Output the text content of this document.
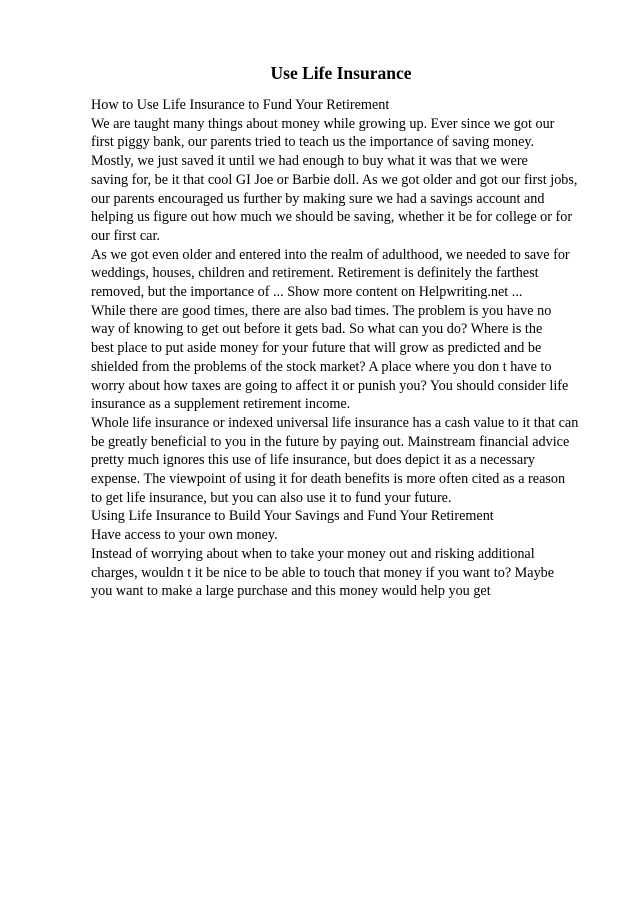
Use Life Insurance

How to Use Life Insurance to Fund Your Retirement

We are taught many things about money while growing up. Ever since we got our

first piggy bank, our parents tried to teach us the importance of saving money.

Mostly, we just saved it until we had enough to buy what it was that we were

saving for, be it that cool GI Joe or Barbie doll. As we got older and got our first jobs,

our parents encouraged us further by making sure we had a savings account and

helping us figure out how much we should be saving, whether it be for college or for

our first car.

As we got even older and entered into the realm of adulthood, we needed to save for

weddings, houses, children and retirement. Retirement is definitely the farthest

removed, but the importance of ... Show more content on Helpwriting.net ...

While there are good times, there are also bad times. The problem is you have no

way of knowing to get out before it gets bad. So what can you do? Where is the

best place to put aside money for your future that will grow as predicted and be

shielded from the problems of the stock market? A place where you don t have to

worry about how taxes are going to affect it or punish you? You should consider life

insurance as a supplement retirement income.

Whole life insurance or indexed universal life insurance has a cash value to it that can

be greatly beneficial to you in the future by paying out. Mainstream financial advice

pretty much ignores this use of life insurance, but does depict it as a necessary

expense. The viewpoint of using it for death benefits is more often cited as a reason

to get life insurance, but you can also use it to fund your future.

Using Life Insurance to Build Your Savings and Fund Your Retirement

Have access to your own money.

Instead of worrying about when to take your money out and risking additional

charges, wouldn t it be nice to be able to touch that money if you want to? Maybe

you want to make a large purchase and this money would help you get
